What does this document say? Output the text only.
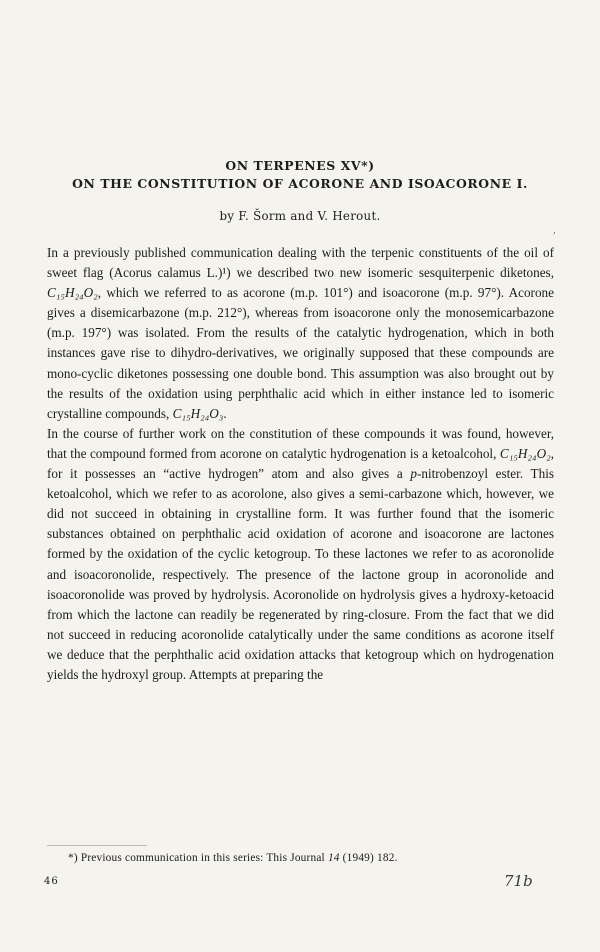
ON TERPENES XV*)
ON THE CONSTITUTION OF ACORONE AND ISOACORONE I.
by F. Šorm and V. Herout.
,

In a previously published communication dealing with the terpenic constituents of the oil of sweet flag (Acorus calamus L.)¹) we described two new isomeric sesquiterpenic diketones, C₁₅H₂₄O₂, which we referred to as acorone (m.p. 101°) and isoacorone (m.p. 97°). Acorone gives a disemicarbazone (m.p. 212°), whereas from isoacorone only the monosemicarbazone (m.p. 197°) was isolated. From the results of the catalytic hydrogenation, which in both instances gave rise to dihydro-derivatives, we originally supposed that these compounds are mono-cyclic diketones possessing one double bond. This assumption was also brought out by the results of the oxidation using perphthalic acid which in either instance led to isomeric crystalline compounds, C₁₅H₂₄O₃.

In the course of further work on the constitution of these compounds it was found, however, that the compound formed from acorone on catalytic hydrogenation is a ketoalcohol, C₁₅H₂₄O₂, for it possesses an “active hydrogen” atom and also gives a p-nitrobenzoyl ester. This ketoalcohol, which we refer to as acorolone, also gives a semi-carbazone which, however, we did not succeed in obtaining in crystalline form. It was further found that the isomeric substances obtained on perphthalic acid oxidation of acorone and isoacorone are lactones formed by the oxidation of the cyclic ketogroup. To these lactones we refer to as acoronolide and isoacoronolide, respectively. The presence of the lactone group in acoronolide and isoacoronolide was proved by hydrolysis. Acoronolide on hydrolysis gives a hydroxy-ketoacid from which the lactone can readily be regenerated by ring-closure. From the fact that we did not succeed in reducing acoronolide catalytically under the same conditions as acorone itself we deduce that the perphthalic acid oxidation attacks that ketogroup which on hydrogenation yields the hydroxyl group. Attempts at preparing the

*) Previous communication in this series: This Journal 14 (1949) 182.
46	71b
